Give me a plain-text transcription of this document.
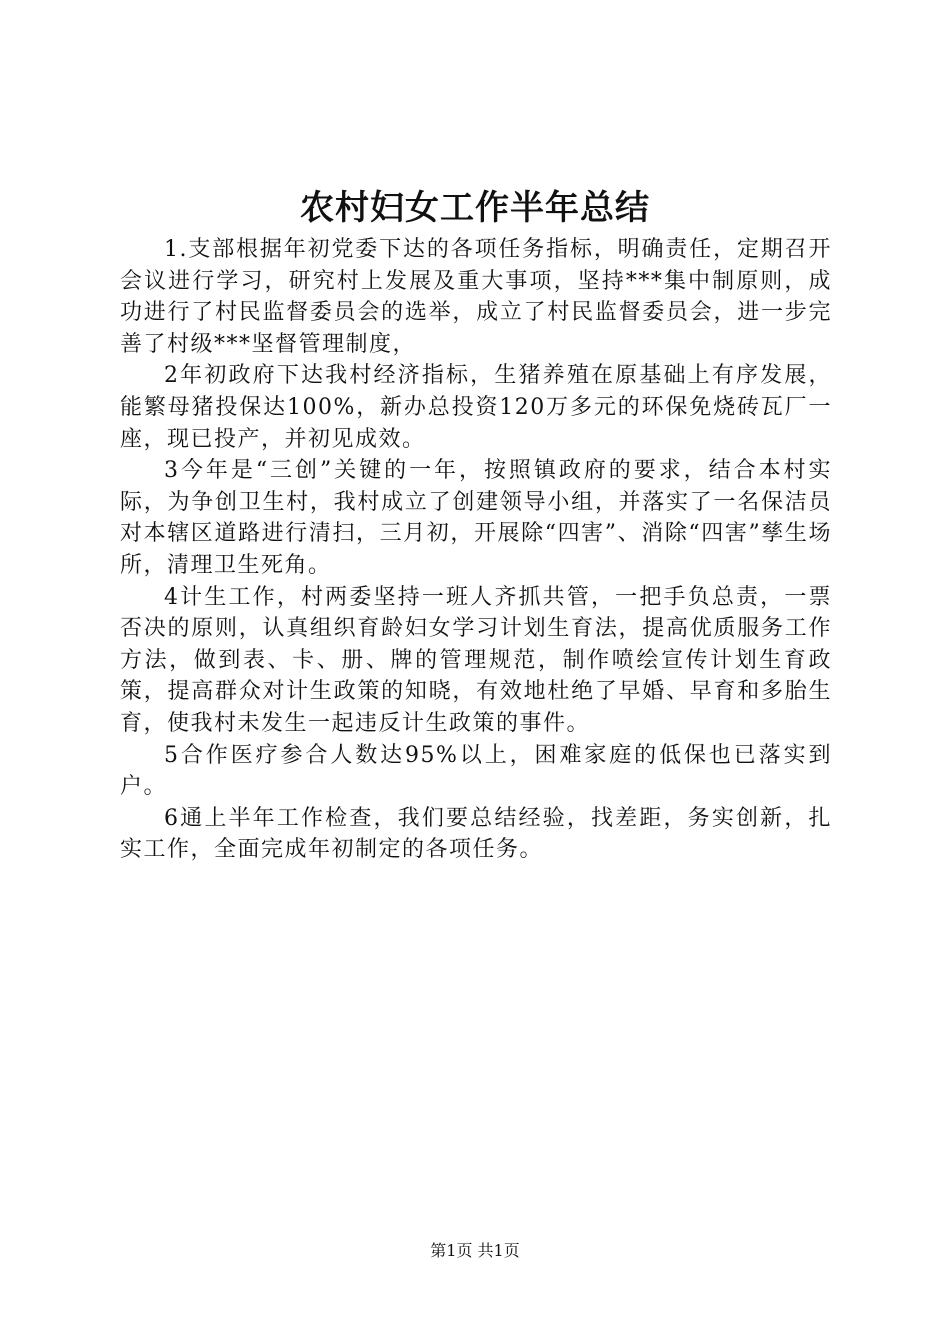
农村妇女工作半年总结

1.支部根据年初党委下达的各项任务指标，明确责任，定期召开会议进行学习，研究村上发展及重大事项，坚持***集中制原则，成功进行了村民监督委员会的选举，成立了村民监督委员会，进一步完善了村级***坚督管理制度，

2年初政府下达我村经济指标，生猪养殖在原基础上有序发展，能繁母猪投保达100%，新办总投资120万多元的环保免烧砖瓦厂一座，现已投产，并初见成效。

3今年是“三创”关键的一年，按照镇政府的要求，结合本村实际，为争创卫生村，我村成立了创建领导小组，并落实了一名保洁员对本辖区道路进行清扫，三月初，开展除“四害”、消除“四害”孳生场所，清理卫生死角。

4计生工作，村两委坚持一班人齐抓共管，一把手负总责，一票否决的原则，认真组织育龄妇女学习计划生育法，提高优质服务工作方法，做到表、卡、册、牌的管理规范，制作喷绘宣传计划生育政策，提高群众对计生政策的知晓，有效地杜绝了早婚、早育和多胎生育，使我村未发生一起违反计生政策的事件。

5合作医疗参合人数达95%以上，困难家庭的低保也已落实到户。

6通上半年工作检查，我们要总结经验，找差距，务实创新，扎实工作，全面完成年初制定的各项任务。

第1页 共1页
